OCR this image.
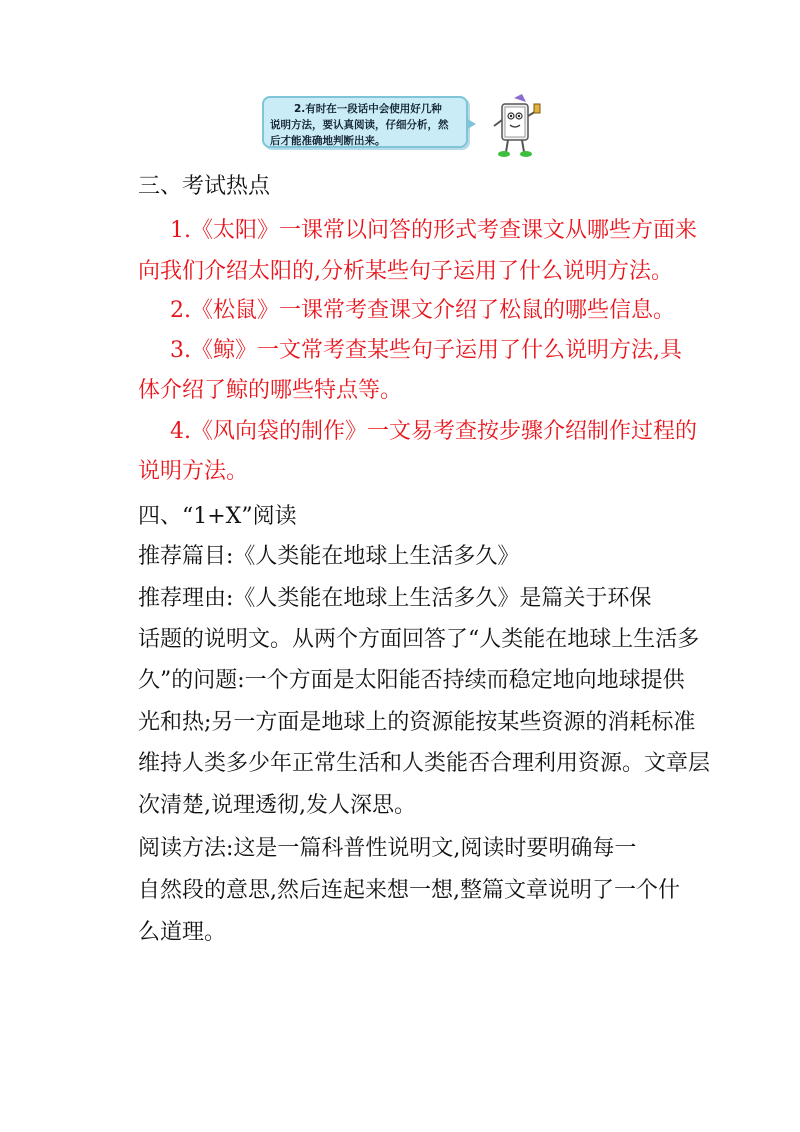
2.有时在一段话中会使用好几种
说明方法，要认真阅读，仔细分析，然
后才能准确地判断出来。

三、考试热点

1.《太阳》一课常以问答的形式考查课文从哪些方面来

向我们介绍太阳的,分析某些句子运用了什么说明方法。

2.《松鼠》一课常考查课文介绍了松鼠的哪些信息。

3.《鲸》一文常考查某些句子运用了什么说明方法,具

体介绍了鲸的哪些特点等。

4.《风向袋的制作》一文易考查按步骤介绍制作过程的

说明方法。

四、“1+X”阅读

推荐篇目:《人类能在地球上生活多久》

推荐理由:《人类能在地球上生活多久》是篇关于环保

话题的说明文。从两个方面回答了“人类能在地球上生活多

久”的问题:一个方面是太阳能否持续而稳定地向地球提供

光和热;另一方面是地球上的资源能按某些资源的消耗标准

维持人类多少年正常生活和人类能否合理利用资源。文章层

次清楚,说理透彻,发人深思。

阅读方法:这是一篇科普性说明文,阅读时要明确每一

自然段的意思,然后连起来想一想,整篇文章说明了一个什

么道理。
